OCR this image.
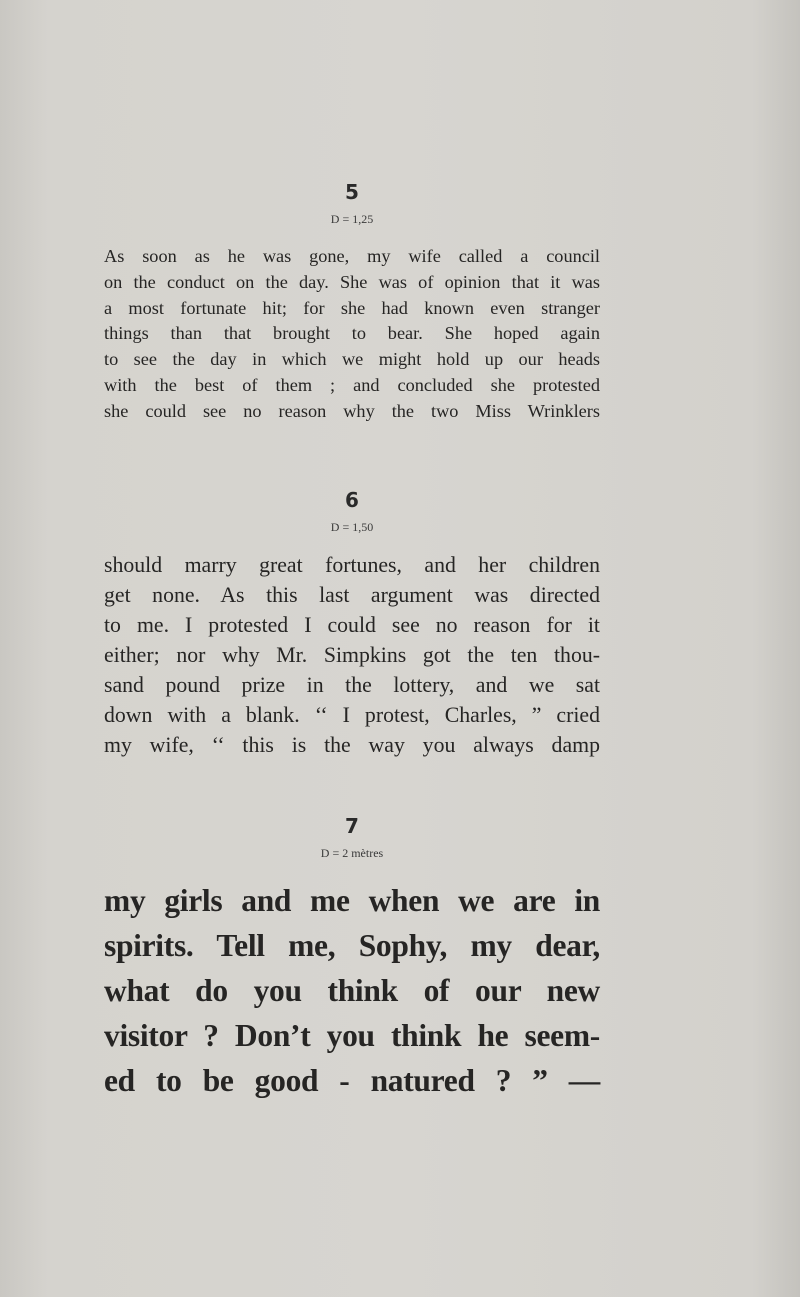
5

D = 1,25

As soon as he was gone, my wife called a council
on the conduct on the day. She was of opinion that it was
a most fortunate hit; for she had known even stranger
things than that brought to bear. She hoped again
to see the day in which we might hold up our heads
with the best of them ; and concluded she protested
she could see no reason why the two Miss Wrinklers

6

D = 1,50

should marry great fortunes, and her children
get none. As this last argument was directed
to me. I protested I could see no reason for it
either; nor why Mr. Simpkins got the ten thou-
sand pound prize in the lottery, and we sat
down with a blank. ‘‘ I protest, Charles, ” cried
my wife, ‘‘ this is the way you always damp

7

D = 2 mètres

my girls and me when we are in
spirits. Tell me, Sophy, my dear,
what do you think of our new
visitor ? Don’t you think he seem-
ed to be good - natured ? ” —
